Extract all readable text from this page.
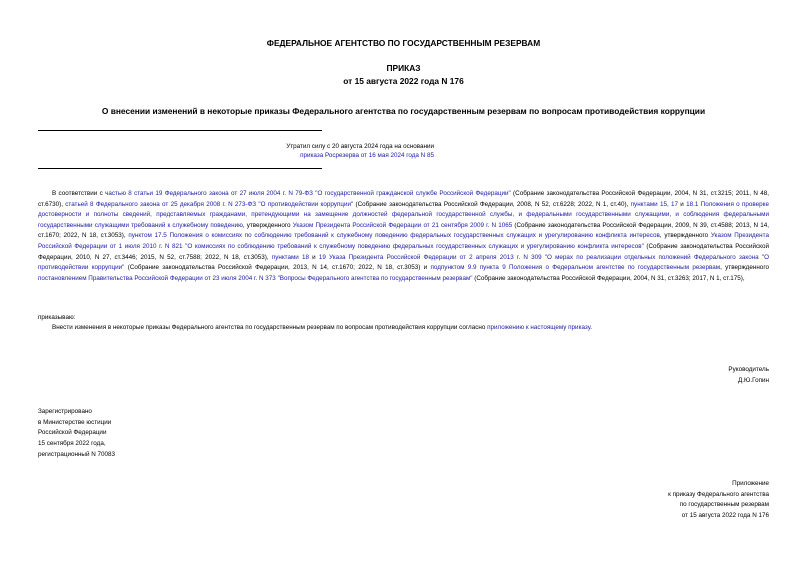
ФЕДЕРАЛЬНОЕ АГЕНТСТВО ПО ГОСУДАРСТВЕННЫМ РЕЗЕРВАМ
ПРИКАЗ
от 15 августа 2022 года N 176
О внесении изменений в некоторые приказы Федерального агентства по государственным резервам по вопросам противодействия коррупции
Утратил силу с 20 августа 2024 года на основании
приказа Росрезерва от 16 мая 2024 года N 85

В соответствии с частью 8 статьи 19 Федерального закона от 27 июля 2004 г. N 79-ФЗ "О государственной гражданской службе Российской Федерации" (Собрание законодательства Российской Федерации, 2004, N 31, ст.3215; 2011, N 48, ст.6730), статьей 8 Федерального закона от 25 декабря 2008 г. N 273-ФЗ "О противодействии коррупции" (Собрание законодательства Российской Федерации, 2008, N 52, ст.6228; 2022, N 1, ст.40), пунктами 15, 17 и 18.1 Положения о проверке достоверности и полноты сведений, представляемых гражданами, претендующими на замещение должностей федеральной государственной службы, и федеральными государственными служащими, и соблюдения федеральными государственными служащими требований к служебному поведению, утвержденного Указом Президента Российской Федерации от 21 сентября 2009 г. N 1065 (Собрание законодательства Российской Федерации, 2009, N 39, ст.4588; 2013, N 14, ст.1670; 2022, N 18, ст.3053), пунктом 17.5 Положения о комиссиях по соблюдению требований к служебному поведению федеральных государственных служащих и урегулированию конфликта интересов, утвержденного Указом Президента Российской Федерации от 1 июля 2010 г. N 821 "О комиссиях по соблюдению требований к служебному поведению федеральных государственных служащих и урегулированию конфликта интересов" (Собрание законодательства Российской Федерации, 2010, N 27, ст.3446; 2015, N 52, ст.7588; 2022, N 18, ст.3053), пунктами 18 и 19 Указа Президента Российской Федерации от 2 апреля 2013 г. N 309 "О мерах по реализации отдельных положений Федерального закона "О противодействии коррупции" (Собрание законодательства Российской Федерации, 2013, N 14, ст.1670; 2022, N 18, ст.3053) и подпунктом 9.9 пункта 9 Положения о Федеральном агентстве по государственным резервам, утвержденного постановлением Правительства Российской Федерации от 23 июля 2004 г. N 373 "Вопросы Федерального агентства по государственным резервам" (Собрание законодательства Российской Федерации, 2004, N 31, ст.3263; 2017, N 1, ст.175),

приказываю:
Внести изменения в некоторые приказы Федерального агентства по государственным резервам по вопросам противодействия коррупции согласно приложению к настоящему приказу.
Руководитель
Д.Ю.Гопин
Зарегистрировано
в Министерстве юстиции
Российской Федерации
15 сентября 2022 года,
регистрационный N 70083
Приложение
к приказу Федерального агентства
по государственным резервам
от 15 августа 2022 года N 176
